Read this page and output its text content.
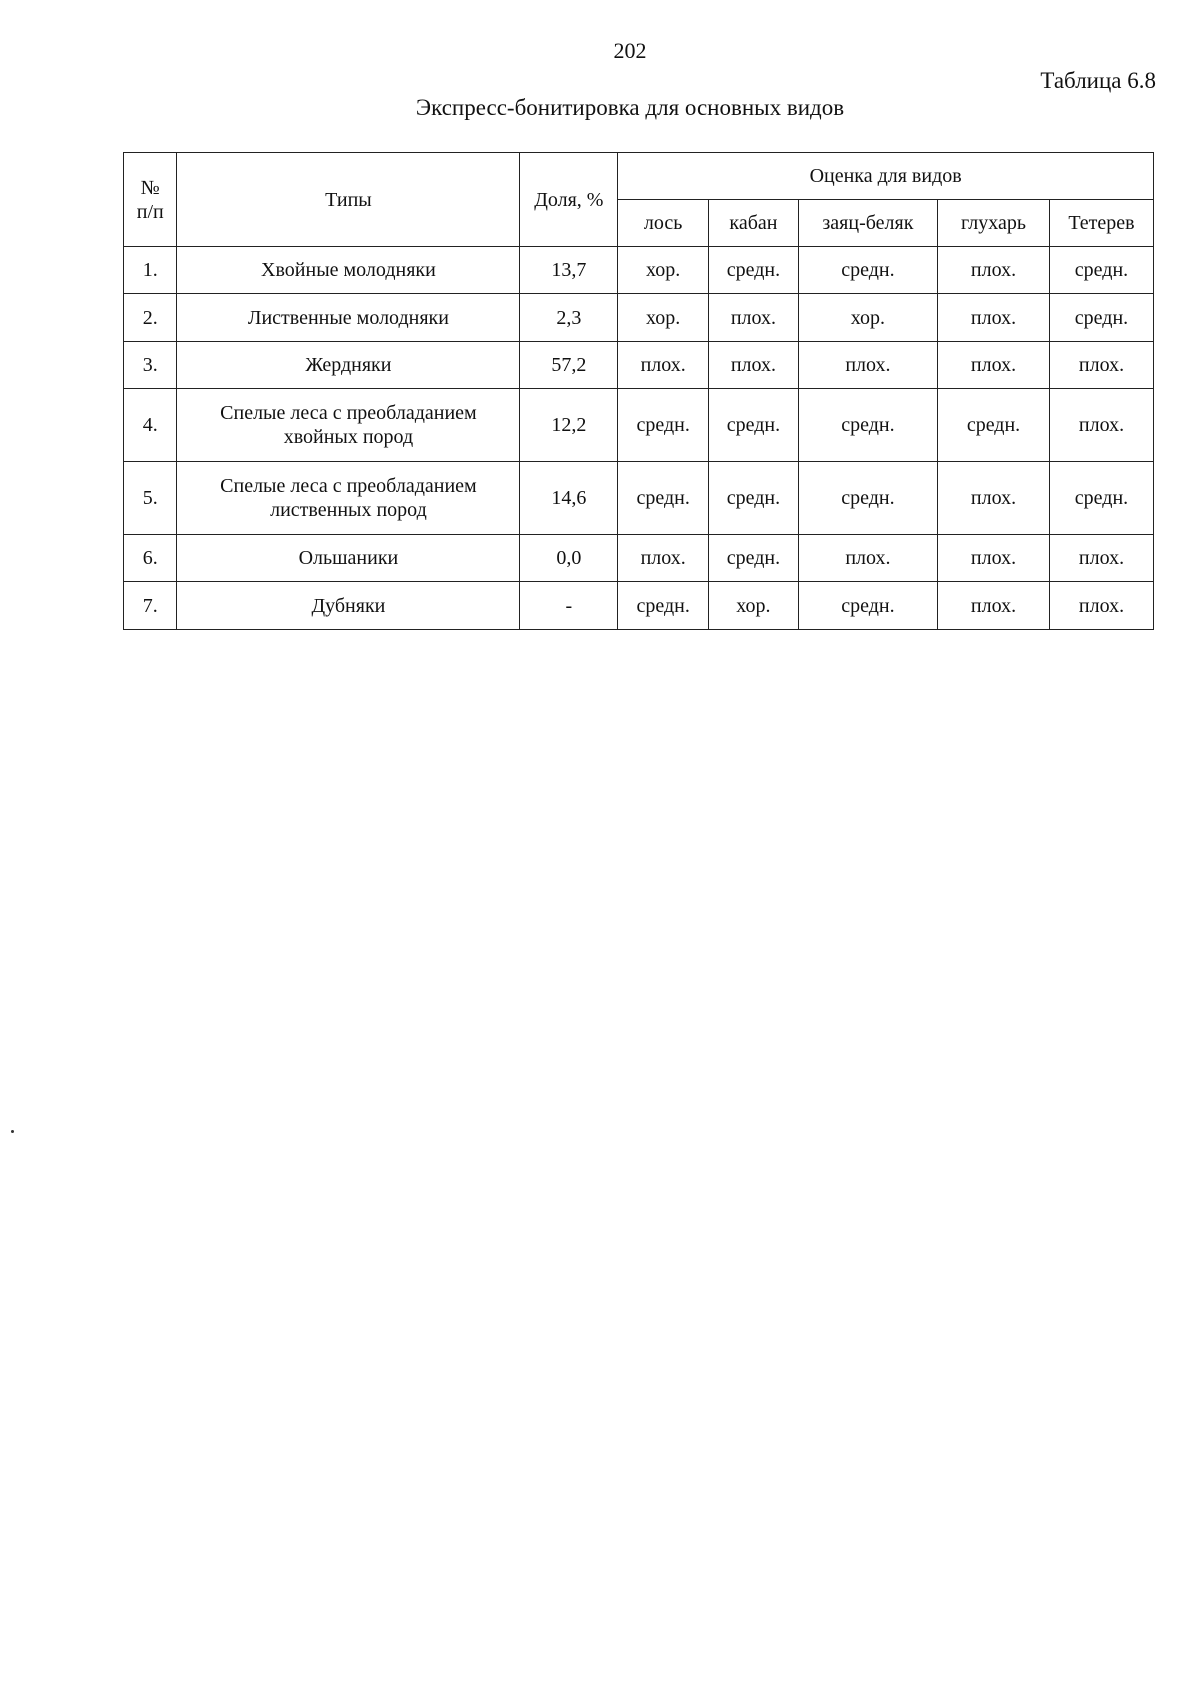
202
Таблица 6.8
Экспресс-бонитировка для основных видов
№
п/п	Типы	Доля, %	Оценка для видов				
			лось	кабан	заяц-беляк	глухарь	Тетерев
1.	Хвойные молодняки	13,7	хор.	средн.	средн.	плох.	средн.
2.	Лиственные молодняки	2,3	хор.	плох.	хор.	плох.	средн.
3.	Жердняки	57,2	плох.	плох.	плох.	плох.	плох.
4.	Спелые леса с преобладанием
хвойных пород	12,2	средн.	средн.	средн.	средн.	плох.
5.	Спелые леса с преобладанием
лиственных пород	14,6	средн.	средн.	средн.	плох.	средн.
6.	Ольшаники	0,0	плох.	средн.	плох.	плох.	плох.
7.	Дубняки	-	средн.	хор.	средн.	плох.	плох.
